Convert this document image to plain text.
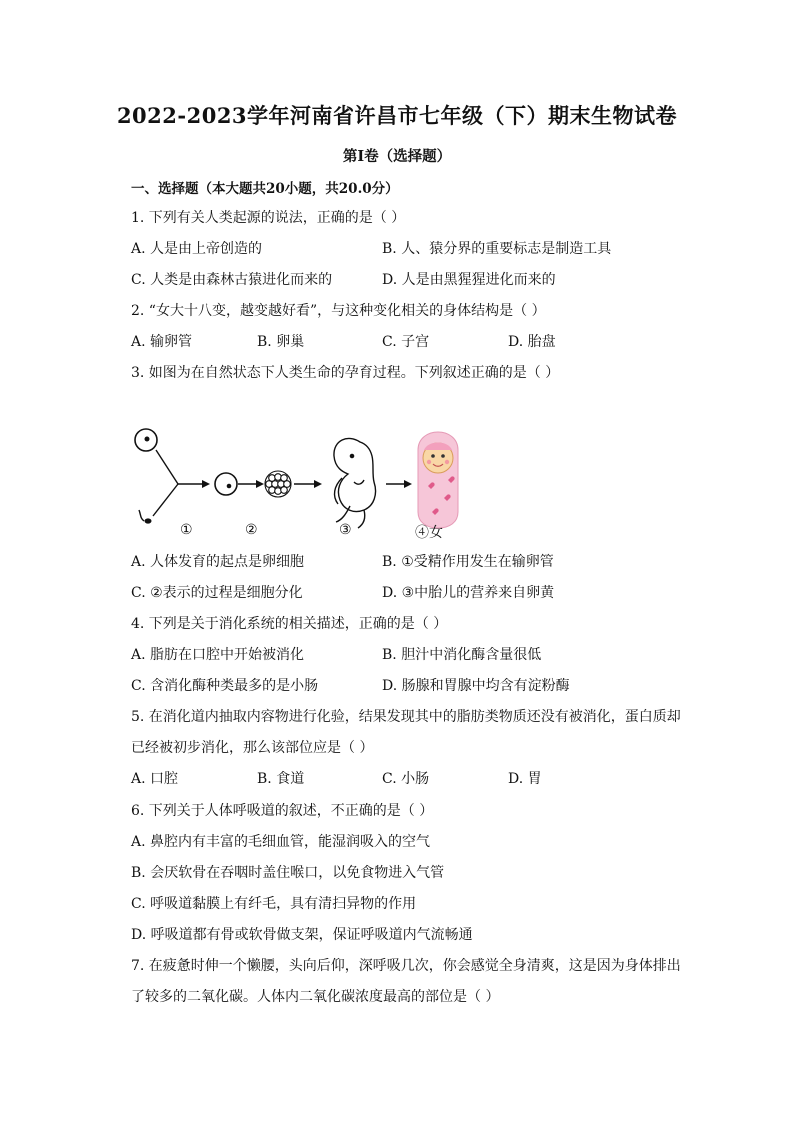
2022-2023学年河南省许昌市七年级（下）期末生物试卷
第I卷（选择题）
一、选择题（本大题共20小题，共20.0分）
1. 下列有关人类起源的说法，正确的是（ ）
A. 人是由上帝创造的	B. 人、猿分界的重要标志是制造工具
C. 人类是由森林古猿进化而来的	D. 人是由黑猩猩进化而来的
2. “女大十八变，越变越好看”，与这种变化相关的身体结构是（ ）
A. 输卵管	B. 卵巢	C. 子宫	D. 胎盘
3. 如图为在自然状态下人类生命的孕育过程。下列叙述正确的是（ ）
①	②	③	④女
A. 人体发育的起点是卵细胞	B. ①受精作用发生在输卵管
C. ②表示的过程是细胞分化	D. ③中胎儿的营养来自卵黄
4. 下列是关于消化系统的相关描述，正确的是（ ）
A. 脂肪在口腔中开始被消化	B. 胆汁中消化酶含量很低
C. 含消化酶种类最多的是小肠	D. 肠腺和胃腺中均含有淀粉酶
5. 在消化道内抽取内容物进行化验，结果发现其中的脂肪类物质还没有被消化，蛋白质却
已经被初步消化，那么该部位应是（ ）
A. 口腔	B. 食道	C. 小肠	D. 胃
6. 下列关于人体呼吸道的叙述，不正确的是（ ）
A. 鼻腔内有丰富的毛细血管，能湿润吸入的空气
B. 会厌软骨在吞咽时盖住喉口，以免食物进入气管
C. 呼吸道黏膜上有纤毛，具有清扫异物的作用
D. 呼吸道都有骨或软骨做支架，保证呼吸道内气流畅通
7. 在疲惫时伸一个懒腰，头向后仰，深呼吸几次，你会感觉全身清爽，这是因为身体排出
了较多的二氧化碳。人体内二氧化碳浓度最高的部位是（ ）
